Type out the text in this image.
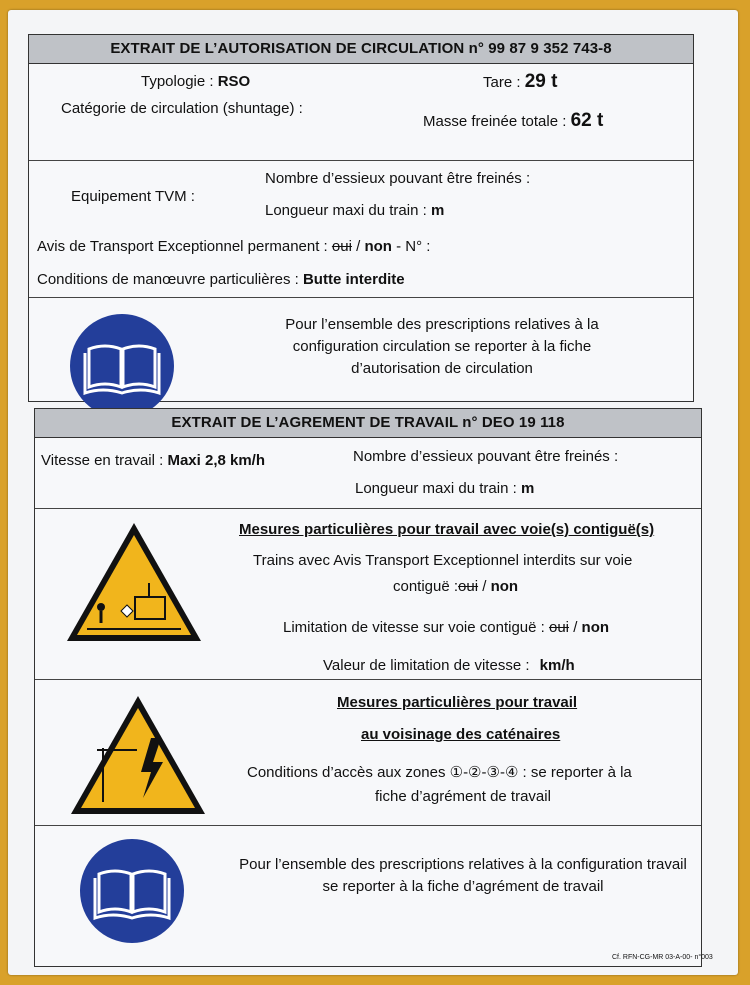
EXTRAIT DE L’AUTORISATION DE CIRCULATION n° 99 87 9 352 743-8
Typologie : RSO	Tare : 29 t
Catégorie de circulation (shuntage) :
Masse freinée totale : 62 t
Equipement TVM :
Nombre d’essieux pouvant être freinés :
Longueur maxi du train : m
Avis de Transport Exceptionnel permanent : oui / non - N° :
Conditions de manœuvre particulières : Butte interdite
Pour l’ensemble des prescriptions relatives à la configuration circulation se reporter à la fiche d’autorisation de circulation
EXTRAIT DE L’AGREMENT DE TRAVAIL n° DEO 19 118
Vitesse en travail : Maxi 2,8 km/h	Nombre d’essieux pouvant être freinés :
Longueur maxi du train : m
Mesures particulières pour travail avec voie(s) contiguë(s)
Trains avec Avis Transport Exceptionnel interdits sur voie
contiguë :oui / non
Limitation de vitesse sur voie contiguë : oui / non
Valeur de limitation de vitesse : km/h
Mesures particulières pour travail
au voisinage des caténaires
Conditions d’accès aux zones ①-②-③-④ : se reporter à la
fiche d’agrément de travail
Pour l’ensemble des prescriptions relatives à la configuration travail se reporter à la fiche d’agrément de travail
Cf. RFN-CG-MR 03-A-00- n°003
